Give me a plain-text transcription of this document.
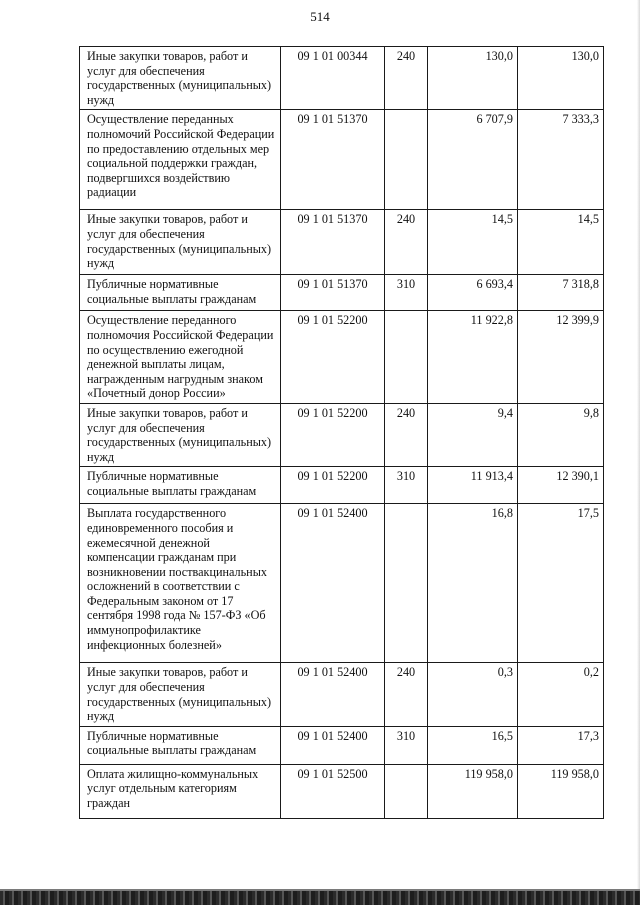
514
Иные закупки товаров, работ и услуг для обеспечения государственных (муниципальных) нужд	09 1 01 00344	240	130,0	130,0
Осуществление переданных полномочий Российской Федерации по предоставлению отдельных мер социальной поддержки граждан, подвергшихся воздействию радиации	09 1 01 51370		6 707,9	7 333,3
Иные закупки товаров, работ и услуг для обеспечения государственных (муниципальных) нужд	09 1 01 51370	240	14,5	14,5
Публичные нормативные социальные выплаты гражданам	09 1 01 51370	310	6 693,4	7 318,8
Осуществление переданного полномочия Российской Федерации по осуществлению ежегодной денежной выплаты лицам, награжденным нагрудным знаком «Почетный донор России»	09 1 01 52200		11 922,8	12 399,9
Иные закупки товаров, работ и услуг для обеспечения государственных (муниципальных) нужд	09 1 01 52200	240	9,4	9,8
Публичные нормативные социальные выплаты гражданам	09 1 01 52200	310	11 913,4	12 390,1
Выплата государственного единовременного пособия и ежемесячной денежной компенсации гражданам при возникновении поствакцинальных осложнений в соответствии с Федеральным законом от 17 сентября 1998 года № 157-ФЗ «Об иммунопрофилактике инфекционных болезней»	09 1 01 52400		16,8	17,5
Иные закупки товаров, работ и услуг для обеспечения государственных (муниципальных) нужд	09 1 01 52400	240	0,3	0,2
Публичные нормативные социальные выплаты гражданам	09 1 01 52400	310	16,5	17,3
Оплата жилищно-коммунальных услуг отдельным категориям граждан	09 1 01 52500		119 958,0	119 958,0
